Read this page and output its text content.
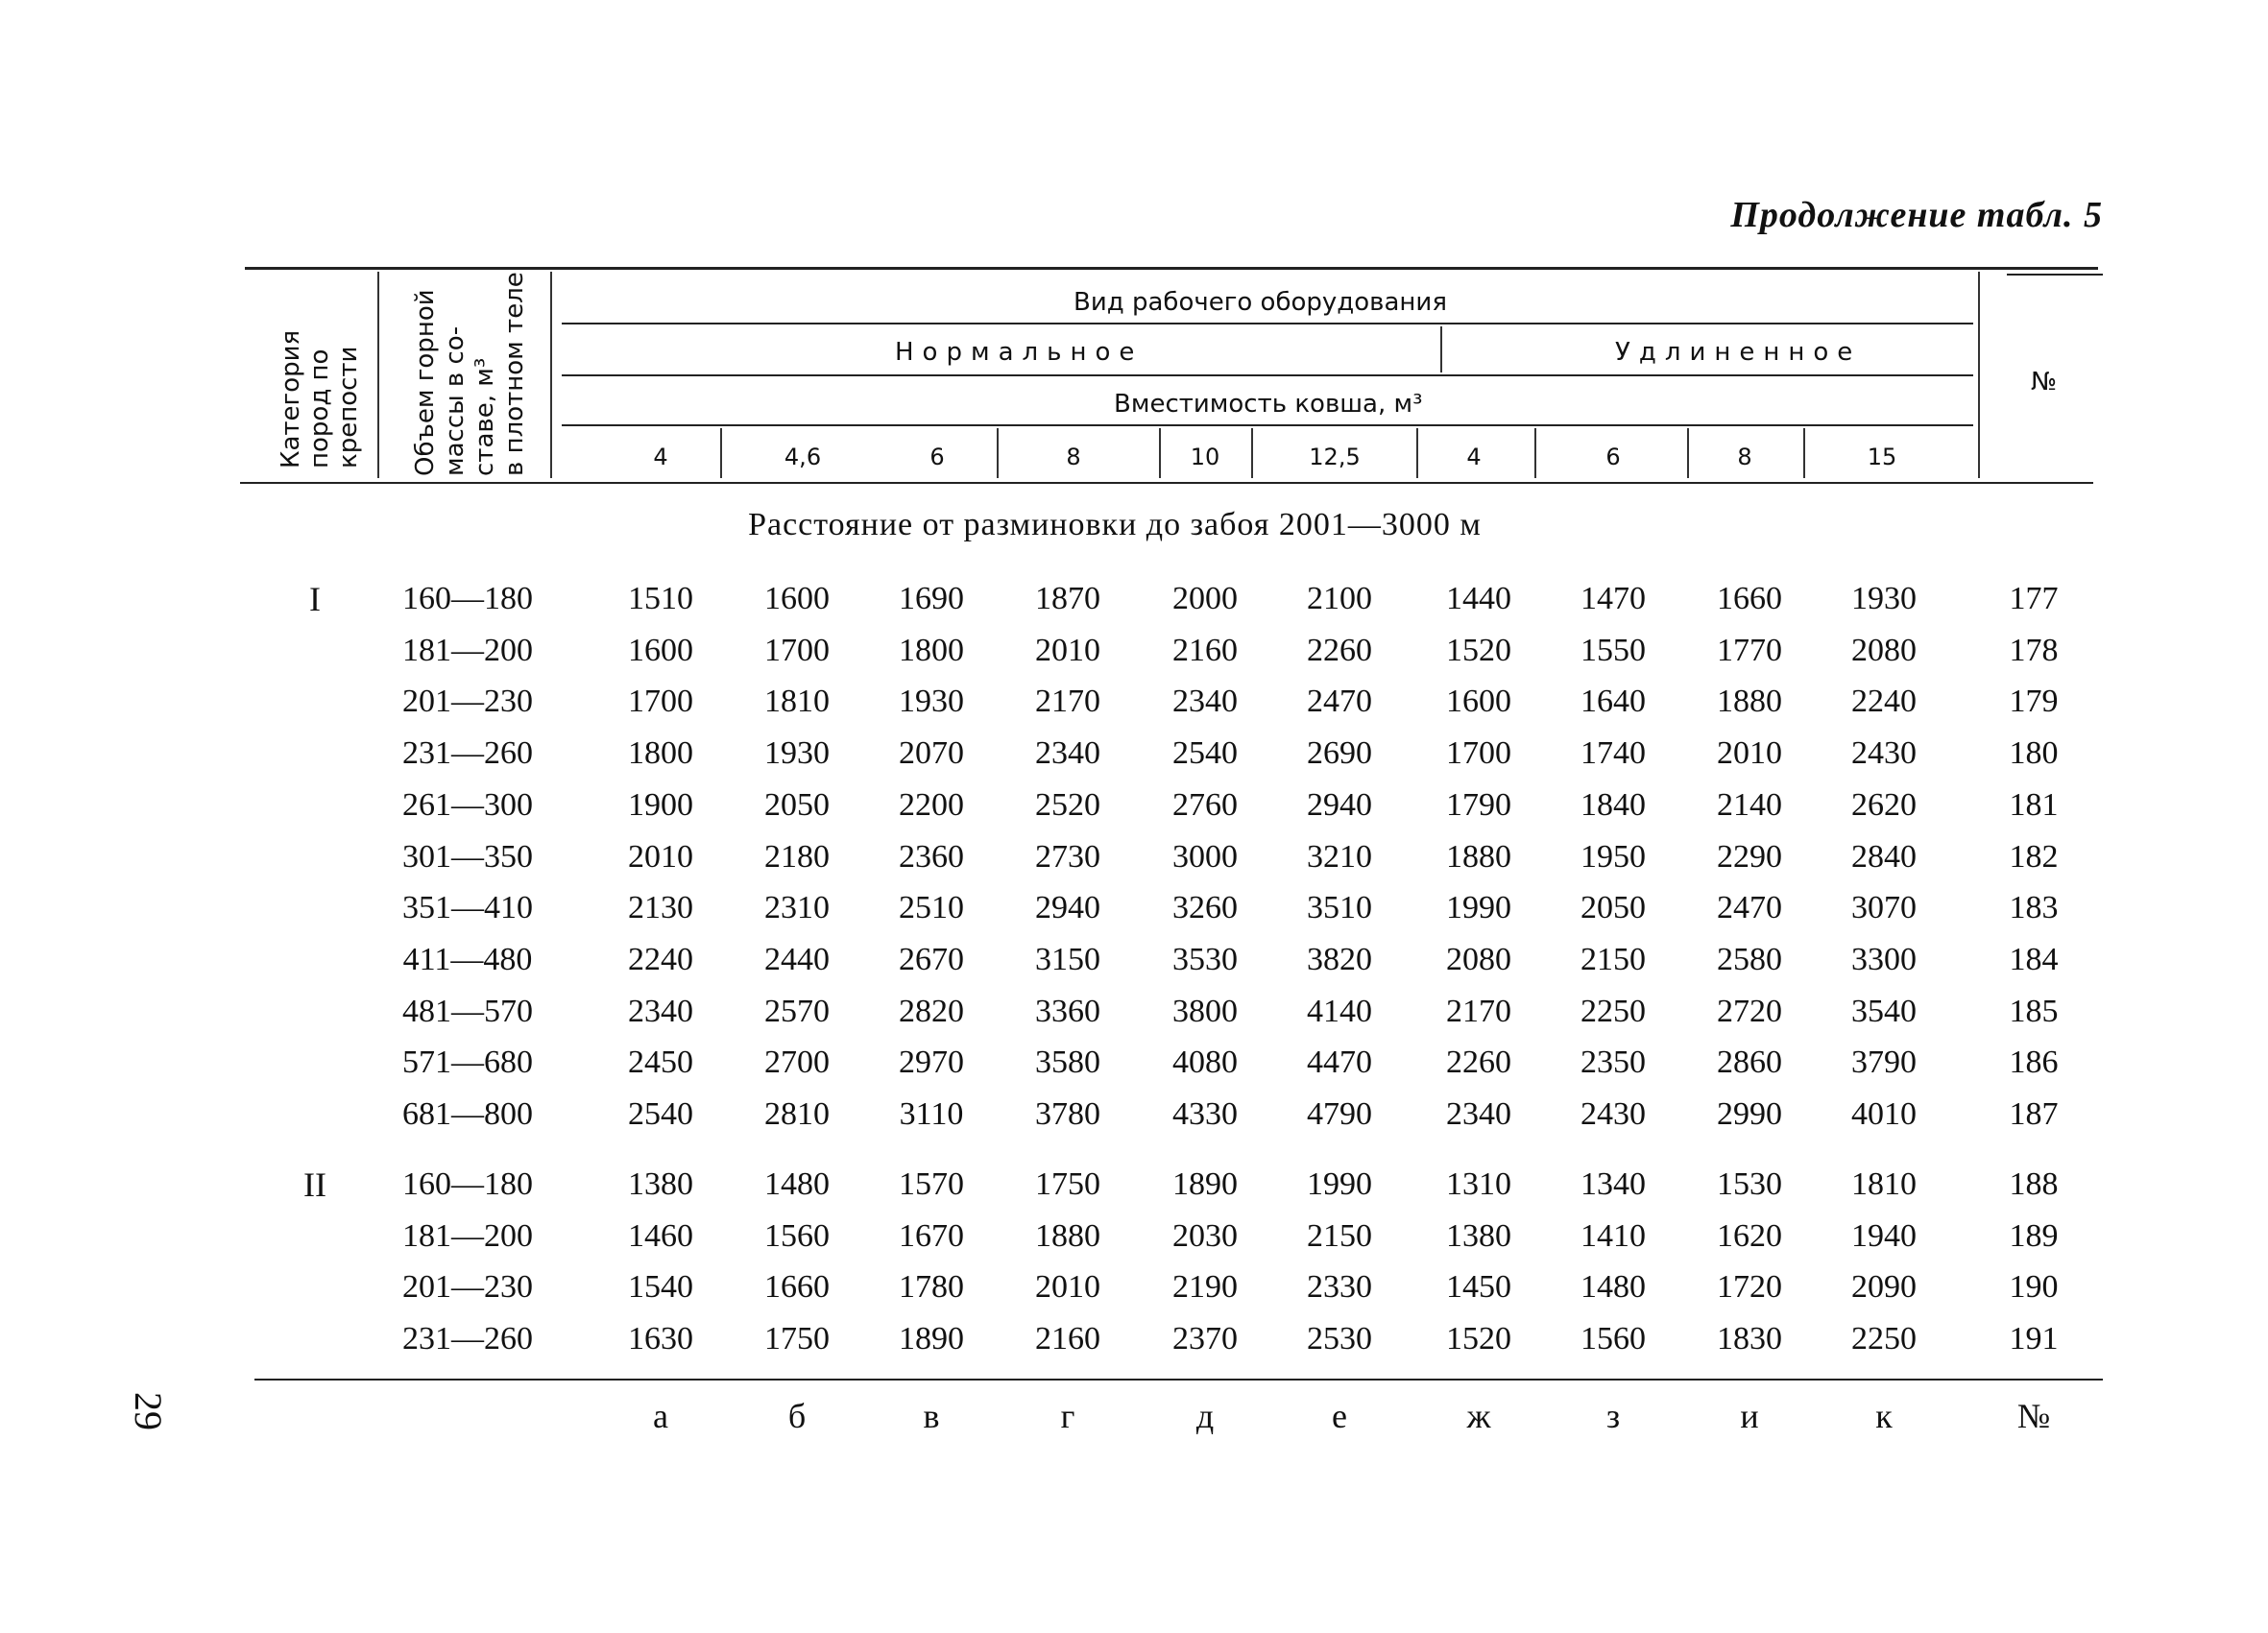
Продолжение табл. 5
Категория пород по крепости Объем горной массы в со- ставе, м³ в плотном теле	Вид рабочего оборудования
Нормальное	Удлиненное
Вместимость ковша, м³
№
4	4,6	6	8	10	12,5	4	6	8	15
Расстояние от разминовки до забоя 2001—3000 м
I	160—180	1510 1600 1690 1870 2000 2100 1440 1470 1660 1930	177
181—200	1600 1700 1800 2010 2160 2260 1520 1550 1770 2080	178
201—230	1700 1810 1930 2170 2340 2470 1600 1640 1880 2240	179
231—260	1800 1930 2070 2340 2540 2690 1700 1740 2010 2430	180
261—300	1900 2050 2200 2520 2760 2940 1790 1840 2140 2620	181
301—350	2010 2180 2360 2730 3000 3210 1880 1950 2290 2840	182
351—410	2130 2310 2510 2940 3260 3510 1990 2050 2470 3070	183
411—480	2240 2440 2670 3150 3530 3820 2080 2150 2580 3300	184
481—570	2340 2570 2820 3360 3800 4140 2170 2250 2720 3540	185
571—680	2450 2700 2970 3580 4080 4470 2260 2350 2860 3790	186
681—800	2540 2810 3110 3780 4330 4790 2340 2430 2990 4010	187
II 160—180	1380 1480 1570 1750 1890 1990 1310 1340 1530 1810	188
181—200	1460 1560 1670 1880 2030 2150 1380 1410 1620 1940	189
201—230	1540 1660 1780 2010 2190 2330 1450 1480 1720 2090	190
231—260	1630 1750 1890 2160 2370 2530 1520 1560 1830 2250	191
а	б	в	г	д	е	ж	з	и	к	№
29
